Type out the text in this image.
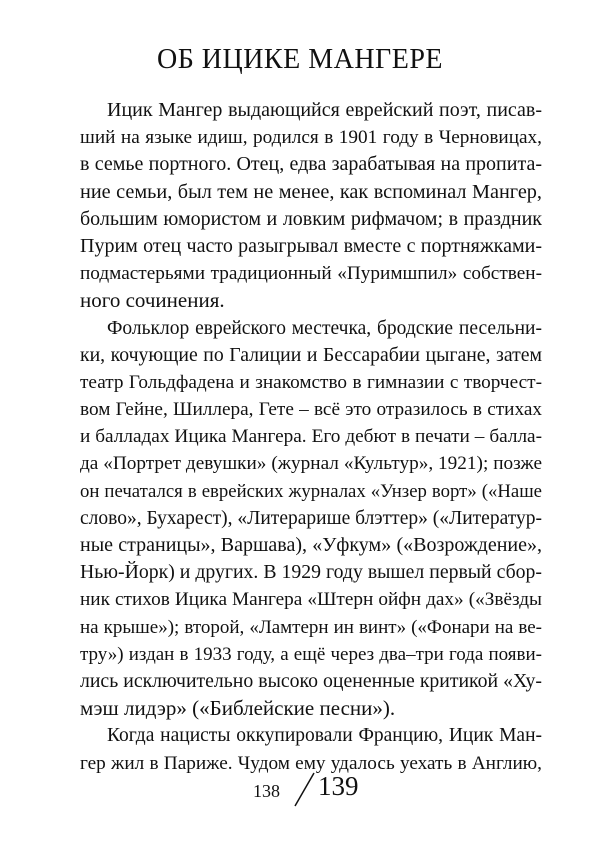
ОБ ИЦИКЕ МАНГЕРЕ
Ицик Мангер выдающийся еврейский поэт, писав-
ший на языке идиш, родился в 1901 году в Черновицах,
в семье портного. Отец, едва зарабатывая на пропита-
ние семьи, был тем не менее, как вспоминал Мангер,
большим юмористом и ловким рифмачом; в праздник
Пурим отец часто разыгрывал вместе с портняжками-
подмастерьями традиционный «Пуримшпил» собствен-
ного сочинения.
Фольклор еврейского местечка, бродские песельни-
ки, кочующие по Галиции и Бессарабии цыгане, затем
театр Гольдфадена и знакомство в гимназии с творчест-
вом Гейне, Шиллера, Гете – всё это отразилось в стихах
и балладах Ицика Мангера. Его дебют в печати – балла-
да «Портрет девушки» (журнал «Культур», 1921); позже
он печатался в еврейских журналах «Унзер ворт» («Наше
слово», Бухарест), «Литерарише блэттер» («Литератур-
ные страницы», Варшава), «Уфкум» («Возрождение»,
Нью-Йорк) и других. В 1929 году вышел первый сбор-
ник стихов Ицика Мангера «Штерн ойфн дах» («Звёзды
на крыше»); второй, «Ламтерн ин винт» («Фонари на ве-
тру») издан в 1933 году, а ещё через два–три года появи-
лись исключительно высоко оцененные критикой «Ху-
мэш лидэр» («Библейские песни»).
Когда нацисты оккупировали Францию, Ицик Ман-
гер жил в Париже. Чудом ему удалось уехать в Англию,
138 139
